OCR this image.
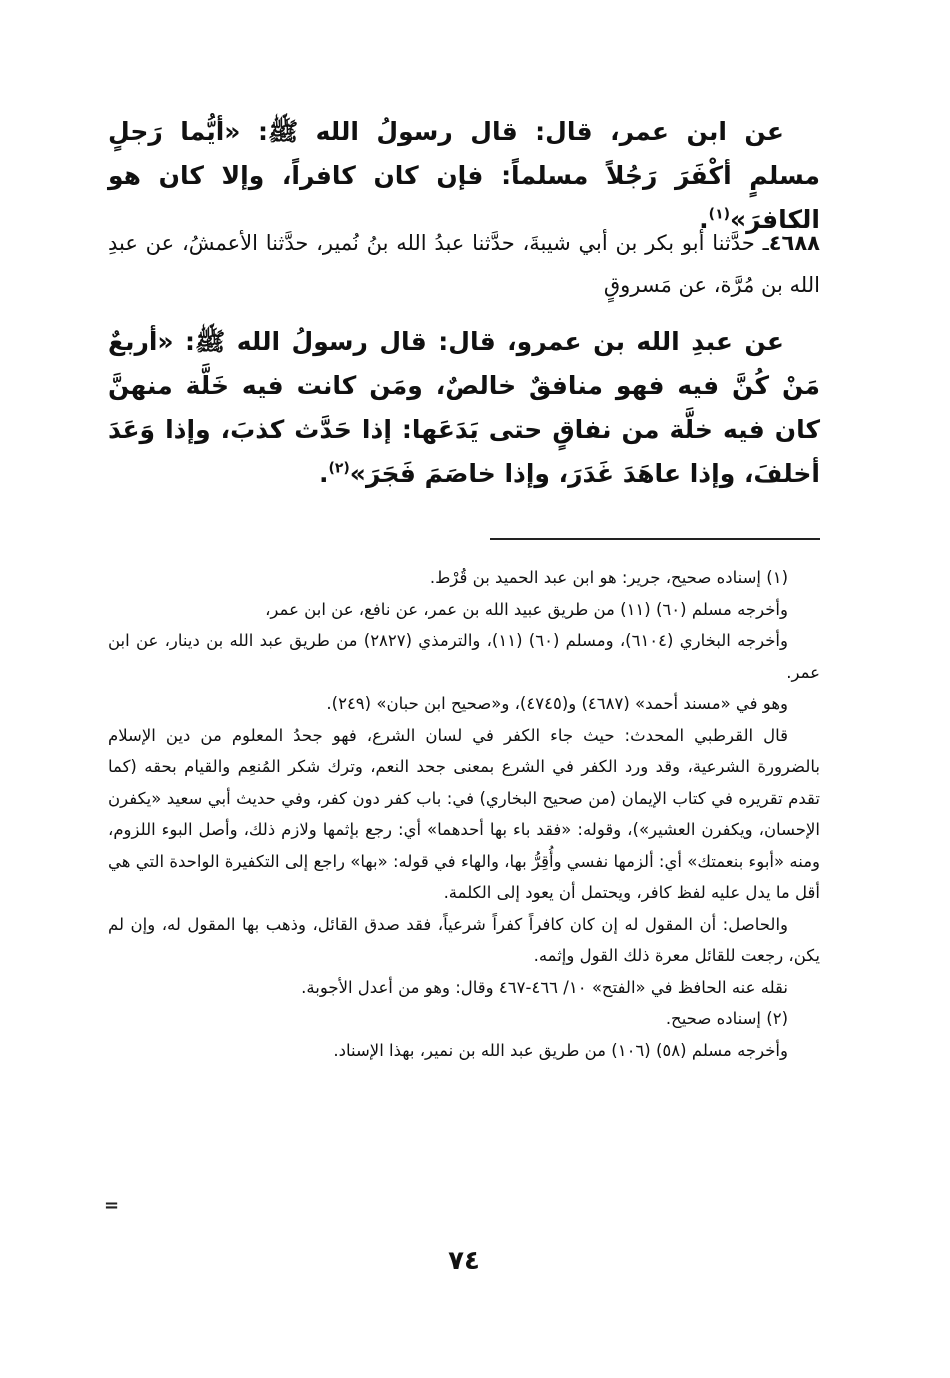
عن ابن عمر، قال: قال رسولُ الله ﷺ: «أيُّما رَجلٍ مسلمٍ أكْفَرَ رَجُلاً مسلماً: فإن كان كافراً، وإلا كان هو الكافرَ»$^{(١)}$.

٤٦٨٨ـ حدَّثنا أبو بكر بن أبي شيبةَ، حدَّثنا عبدُ الله بنُ نُمير، حدَّثنا الأعمشُ، عن عبدِ الله بن مُرَّة، عن مَسروقٍ

عن عبدِ الله بن عمرو، قال: قال رسولُ الله ﷺ: «أربعٌ مَنْ كُنَّ فيه فهو منافقٌ خالصٌ، ومَن كانت فيه خَلَّة منهنَّ كان فيه خلَّة من نفاقٍ حتى يَدَعَها: إذا حَدَّث كذبَ، وإذا وَعَدَ أخلفَ، وإذا عاهَدَ غَدَرَ، وإذا خاصَمَ فَجَرَ»$^{(٢)}$.

(١) إسناده صحيح، جرير: هو ابن عبد الحميد بن قُرْط.
وأخرجه مسلم (٦٠) (١١) من طريق عبيد الله بن عمر، عن نافع، عن ابن عمر،
وأخرجه البخاري (٦١٠٤)، ومسلم (٦٠) (١١)، والترمذي (٢٨٢٧) من طريق عبد الله بن دينار، عن ابن عمر.
وهو في «مسند أحمد» (٤٦٨٧) و(٤٧٤٥)، و«صحيح ابن حبان» (٢٤٩).
قال القرطبي المحدث: حيث جاء الكفر في لسان الشرع، فهو جحدُ المعلوم من دين الإسلام بالضرورة الشرعية، وقد ورد الكفر في الشرع بمعنى جحد النعم، وترك شكر المُنعِم والقيام بحقه (كما تقدم تقريره في كتاب الإيمان (من صحيح البخاري) في: باب كفر دون كفر، وفي حديث أبي سعيد «يكفرن الإحسان، ويكفرن العشير»)، وقوله: «فقد باء بها أحدهما» أي: رجع بإثمها ولازم ذلك، وأصل البوء اللزوم، ومنه «أبوء بنعمتك» أي: ألزمها نفسي وأُقِرُّ بها، والهاء في قوله: «بها» راجع إلى التكفيرة الواحدة التي هي أقل ما يدل عليه لفظ كافر، ويحتمل أن يعود إلى الكلمة.
والحاصل: أن المقول له إن كان كافراً كفراً شرعياً، فقد صدق القائل، وذهب بها المقول له، وإن لم يكن، رجعت للقائل معرة ذلك القول وإثمه.
نقله عنه الحافظ في «الفتح» ١٠/ ٤٦٦-٤٦٧ وقال: وهو من أعدل الأجوبة.
(٢) إسناده صحيح.
وأخرجه مسلم (٥٨) (١٠٦) من طريق عبد الله بن نمير، بهذا الإسناد.
٧٤
=
